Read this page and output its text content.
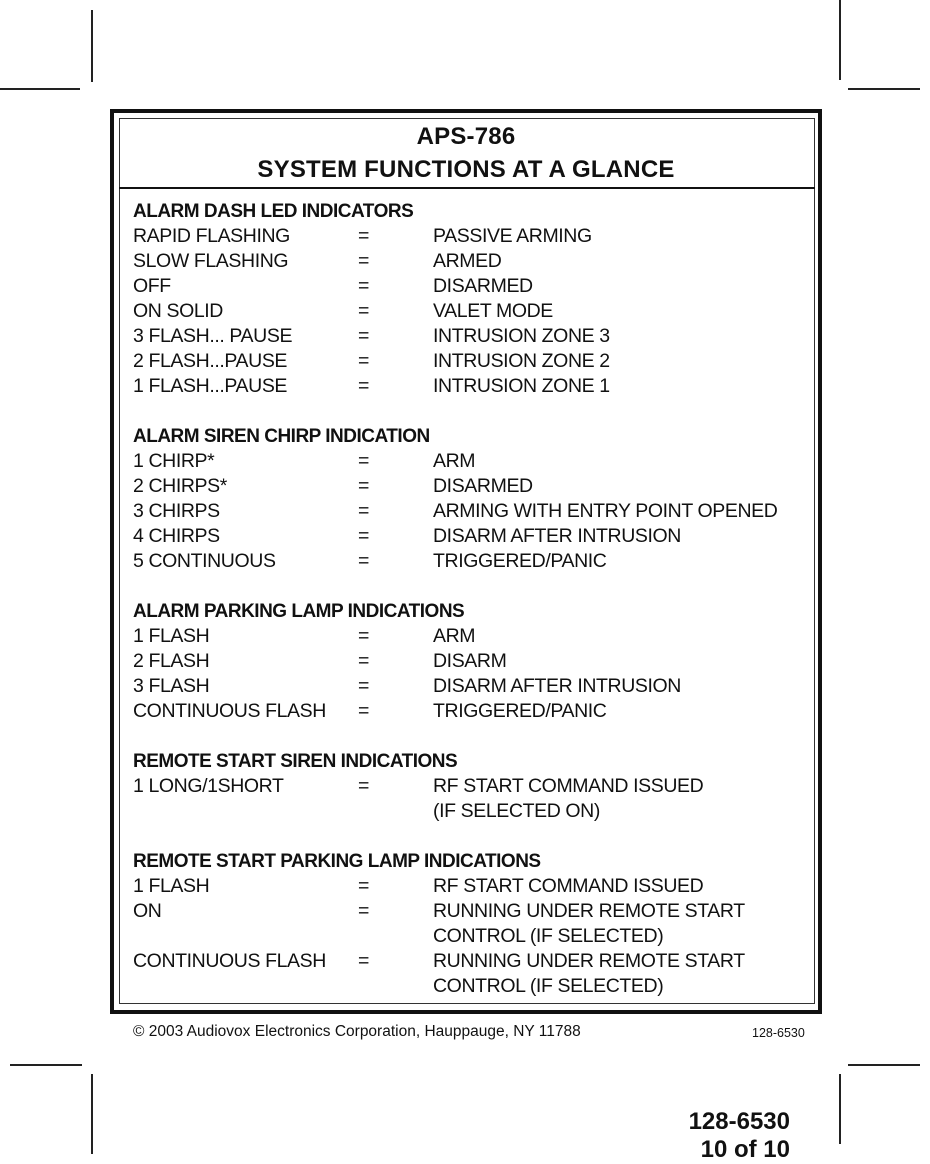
APS-786
SYSTEM FUNCTIONS AT A GLANCE
ALARM DASH LED INDICATORS
RAPID FLASHING	=	PASSIVE ARMING
SLOW FLASHING	=	ARMED
OFF	=	DISARMED
ON SOLID	=	VALET MODE
3 FLASH... PAUSE	=	INTRUSION ZONE 3
2 FLASH...PAUSE	=	INTRUSION ZONE 2
1 FLASH...PAUSE	=	INTRUSION ZONE 1
ALARM SIREN CHIRP INDICATION
1 CHIRP*	=	ARM
2 CHIRPS*	=	DISARMED
3 CHIRPS	=	ARMING WITH ENTRY POINT OPENED
4 CHIRPS	=	DISARM AFTER INTRUSION
5 CONTINUOUS	=	TRIGGERED/PANIC
ALARM PARKING LAMP INDICATIONS
1 FLASH	=	ARM
2 FLASH	=	DISARM
3 FLASH	=	DISARM AFTER INTRUSION
CONTINUOUS FLASH =	TRIGGERED/PANIC
REMOTE START SIREN INDICATIONS
1 LONG/1SHORT	=	RF START COMMAND ISSUED
(IF SELECTED ON)
REMOTE START PARKING LAMP INDICATIONS
1 FLASH	=	RF START COMMAND ISSUED
ON	=	RUNNING UNDER REMOTE START
CONTROL (IF SELECTED)
CONTINUOUS FLASH =	RUNNING UNDER REMOTE START
CONTROL (IF SELECTED)
© 2003 Audiovox Electronics Corporation, Hauppauge, NY 11788	128-6530
128-6530
10 of 10
